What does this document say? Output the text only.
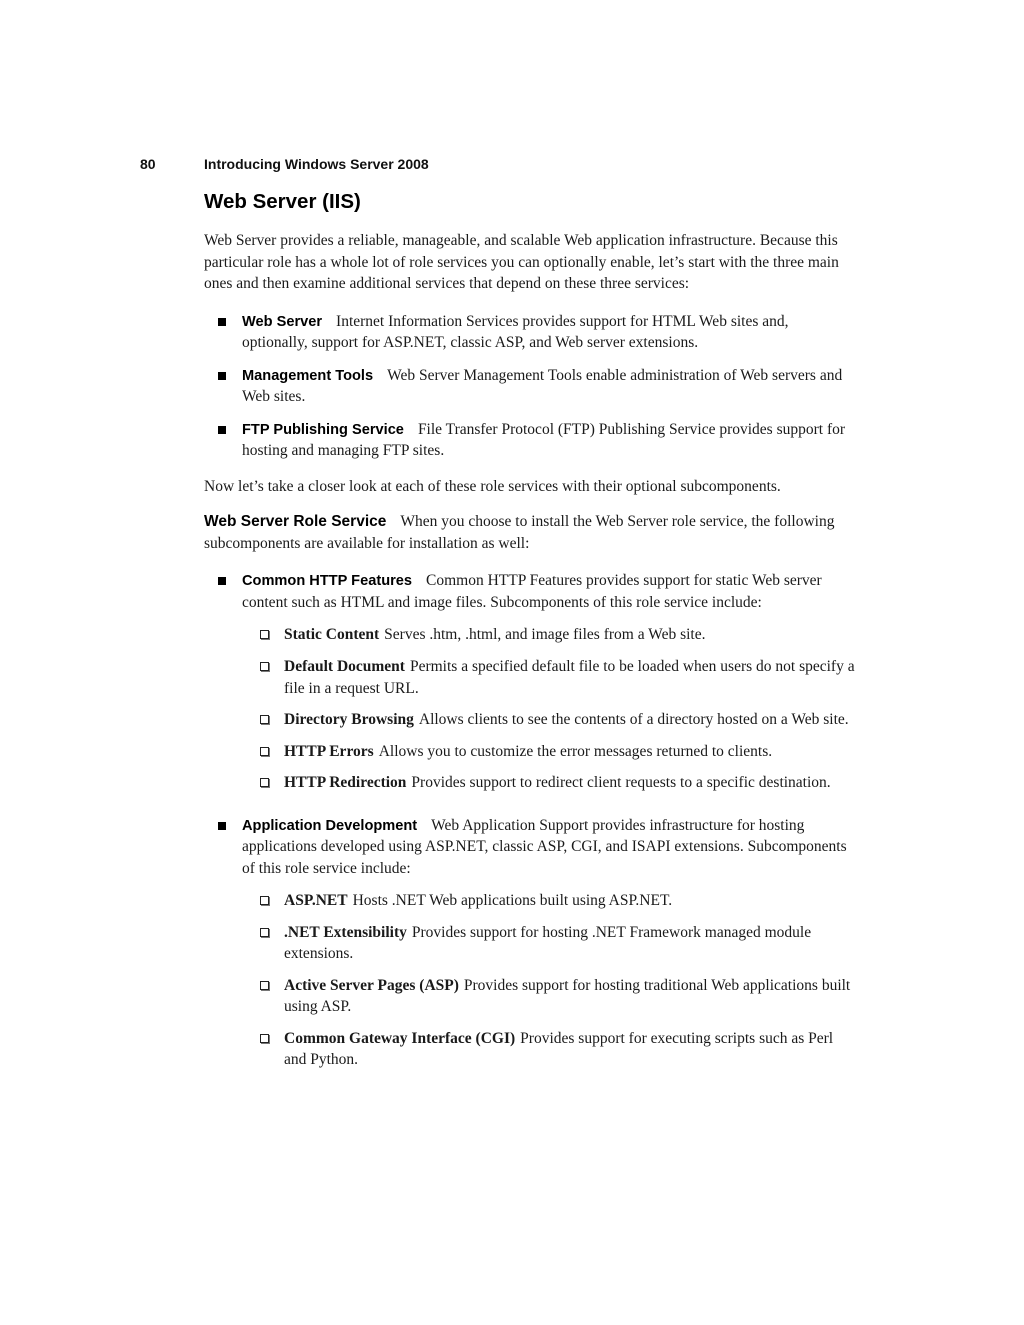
80	Introducing Windows Server 2008
Web Server (IIS)

Web Server provides a reliable, manageable, and scalable Web application infrastructure. Because this particular role has a whole lot of role services you can optionally enable, let’s start with the three main ones and then examine additional services that depend on these three services:

Web Server Internet Information Services provides support for HTML Web sites and, optionally, support for ASP.NET, classic ASP, and Web server extensions.
Management Tools Web Server Management Tools enable administration of Web servers and Web sites.
FTP Publishing Service File Transfer Protocol (FTP) Publishing Service provides support for hosting and managing FTP sites.

Now let’s take a closer look at each of these role services with their optional subcomponents.

Web Server Role Service When you choose to install the Web Server role service, the following subcomponents are available for installation as well:

Common HTTP Features Common HTTP Features provides support for static Web server content such as HTML and image files. Subcomponents of this role service include:
Static Content Serves .htm, .html, and image files from a Web site.
Default Document Permits a specified default file to be loaded when users do not specify a file in a request URL.
Directory Browsing Allows clients to see the contents of a directory hosted on a Web site.
HTTP Errors Allows you to customize the error messages returned to clients.
HTTP Redirection Provides support to redirect client requests to a specific destination.
Application Development Web Application Support provides infrastructure for hosting applications developed using ASP.NET, classic ASP, CGI, and ISAPI extensions. Subcomponents of this role service include:
ASP.NET Hosts .NET Web applications built using ASP.NET.
.NET Extensibility Provides support for hosting .NET Framework managed module extensions.
Active Server Pages (ASP) Provides support for hosting traditional Web applications built using ASP.
Common Gateway Interface (CGI) Provides support for executing scripts such as Perl and Python.
